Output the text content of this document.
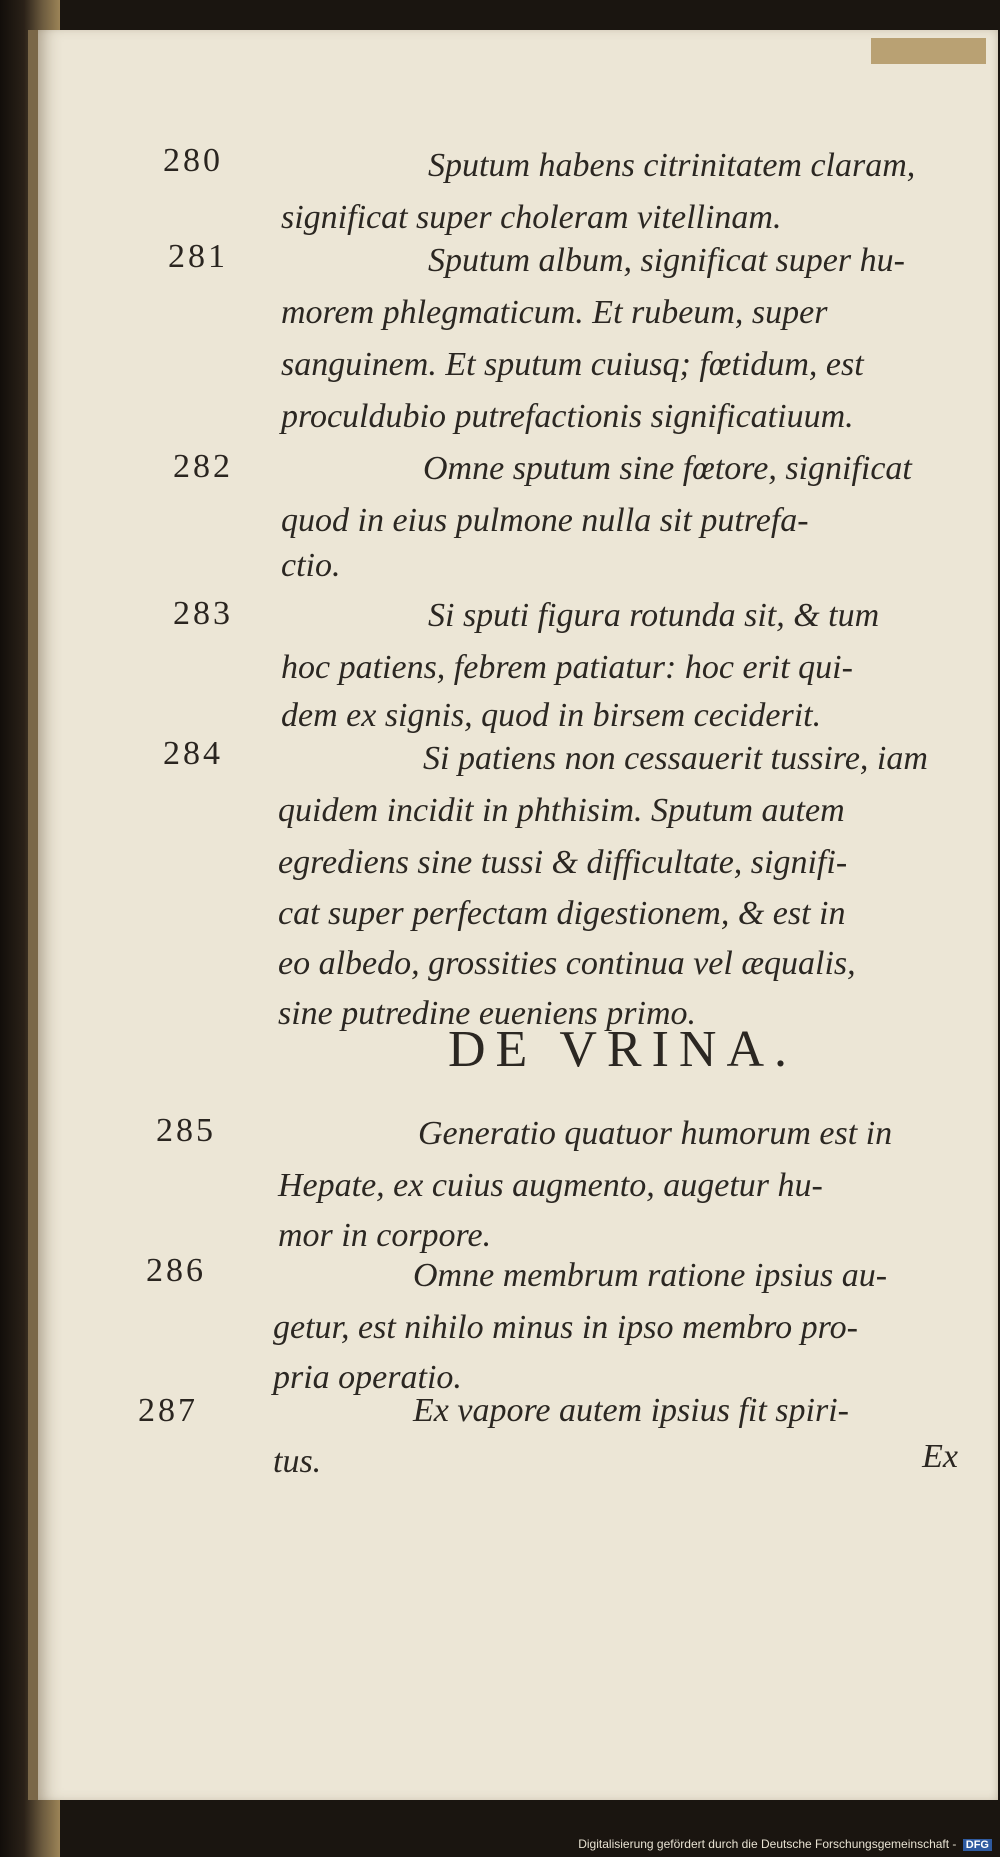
280	Sputum habens citrinitatem claram,
significat super choleram vitellinam.
281	Sputum album, significat super hu-
morem phlegmaticum. Et rubeum, super
sanguinem. Et sputum cuiusq; fœtidum, est
proculdubio putrefactionis significatiuum.
282	Omne sputum sine fœtore, significat
quod in eius pulmone nulla sit putrefa-
ctio.
283	Si sputi figura rotunda sit, & tum
hoc patiens, febrem patiatur: hoc erit qui-
dem ex signis, quod in birsem ceciderit.
284	Si patiens non cessauerit tussire, iam
quidem incidit in phthisim. Sputum autem
egrediens sine tussi & difficultate, signifi-
cat super perfectam digestionem, & est in
eo albedo, grossities continua vel æqualis,
sine putredine eueniens primo.
DE VRINA.
285	Generatio quatuor humorum est in
Hepate, ex cuius augmento, augetur hu-
mor in corpore.
286	Omne membrum ratione ipsius au-
getur, est nihilo minus in ipso membro pro-
pria operatio.
287	Ex vapore autem ipsius fit spiri-
tus.	Ex
Digitalisierung gefördert durch die Deutsche Forschungsgemeinschaft - DFG
